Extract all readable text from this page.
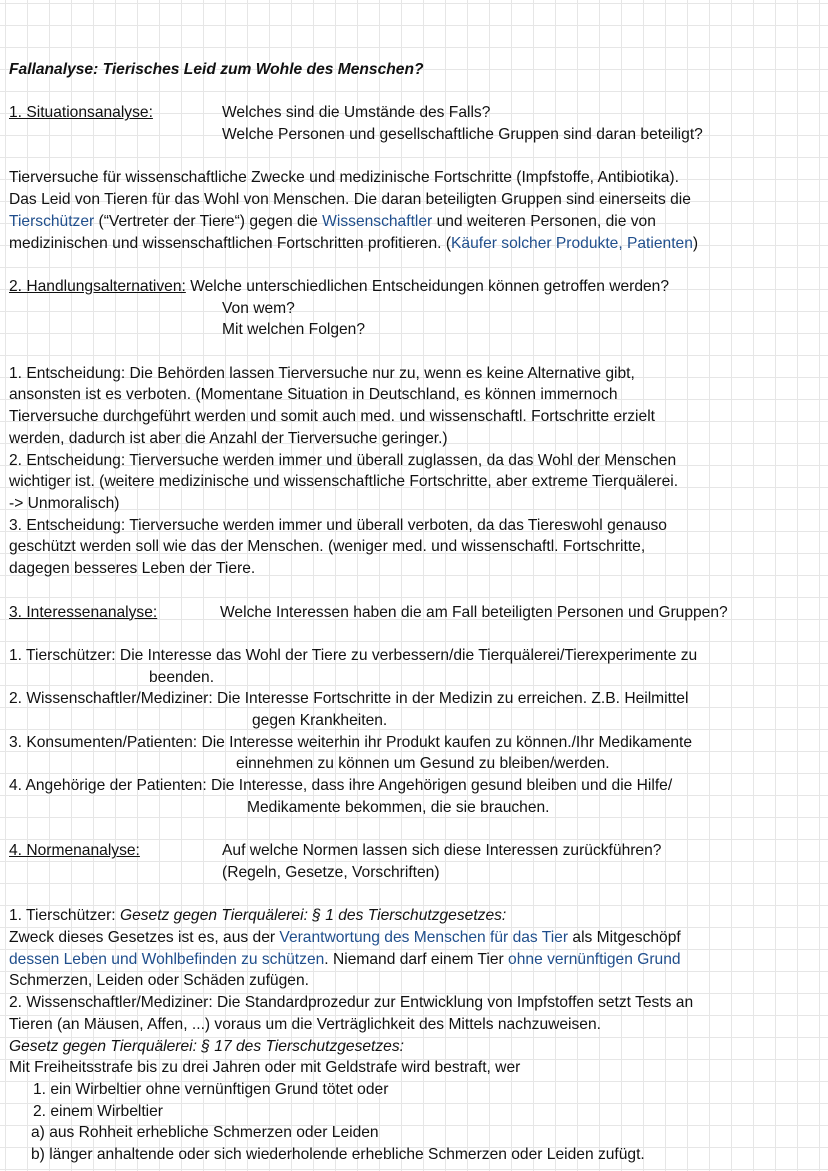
Fallanalyse: Tierisches Leid zum Wohle des Menschen?
1. Situationsanalyse:	Welches sind die Umstände des Falls?
Welche Personen und gesellschaftliche Gruppen sind daran beteiligt?
Tierversuche für wissenschaftliche Zwecke und medizinische Fortschritte (Impfstoffe, Antibiotika).
Das Leid von Tieren für das Wohl von Menschen. Die daran beteiligten Gruppen sind einerseits die
Tierschützer (“Vertreter der Tiere“) gegen die Wissenschaftler und weiteren Personen, die von
medizinischen und wissenschaftlichen Fortschritten profitieren. (Käufer solcher Produkte, Patienten)
2. Handlungsalternativen: Welche unterschiedlichen Entscheidungen können getroffen werden?
Von wem?
Mit welchen Folgen?
1. Entscheidung: Die Behörden lassen Tierversuche nur zu, wenn es keine Alternative gibt,
ansonsten ist es verboten. (Momentane Situation in Deutschland, es können immernoch
Tierversuche durchgeführt werden und somit auch med. und wissenschaftl. Fortschritte erzielt
werden, dadurch ist aber die Anzahl der Tierversuche geringer.)
2. Entscheidung: Tierversuche werden immer und überall zuglassen, da das Wohl der Menschen
wichtiger ist. (weitere medizinische und wissenschaftliche Fortschritte, aber extreme Tierquälerei.
-> Unmoralisch)
3. Entscheidung: Tierversuche werden immer und überall verboten, da das Tiereswohl genauso
geschützt werden soll wie das der Menschen. (weniger med. und wissenschaftl. Fortschritte,
dagegen besseres Leben der Tiere.
3. Interessenanalyse:	Welche Interessen haben die am Fall beteiligten Personen und Gruppen?
1. Tierschützer: Die Interesse das Wohl der Tiere zu verbessern/die Tierquälerei/Tierexperimente zu
beenden.
2. Wissenschaftler/Mediziner: Die Interesse Fortschritte in der Medizin zu erreichen. Z.B. Heilmittel
gegen Krankheiten.
3. Konsumenten/Patienten: Die Interesse weiterhin ihr Produkt kaufen zu können./Ihr Medikamente
einnehmen zu können um Gesund zu bleiben/werden.
4. Angehörige der Patienten: Die Interesse, dass ihre Angehörigen gesund bleiben und die Hilfe/
Medikamente bekommen, die sie brauchen.
4. Normenanalyse:	Auf welche Normen lassen sich diese Interessen zurückführen?
(Regeln, Gesetze, Vorschriften)
1. Tierschützer: Gesetz gegen Tierquälerei: § 1 des Tierschutzgesetzes:
Zweck dieses Gesetzes ist es, aus der Verantwortung des Menschen für das Tier als Mitgeschöpf
dessen Leben und Wohlbefinden zu schützen. Niemand darf einem Tier ohne vernünftigen Grund
Schmerzen, Leiden oder Schäden zufügen.
2. Wissenschaftler/Mediziner: Die Standardprozedur zur Entwicklung von Impfstoffen setzt Tests an
Tieren (an Mäusen, Affen, ...) voraus um die Verträglichkeit des Mittels nachzuweisen.
Gesetz gegen Tierquälerei: § 17 des Tierschutzgesetzes:
Mit Freiheitsstrafe bis zu drei Jahren oder mit Geldstrafe wird bestraft, wer
1. ein Wirbeltier ohne vernünftigen Grund tötet oder
2. einem Wirbeltier
a) aus Rohheit erhebliche Schmerzen oder Leiden
b) länger anhaltende oder sich wiederholende erhebliche Schmerzen oder Leiden zufügt.
